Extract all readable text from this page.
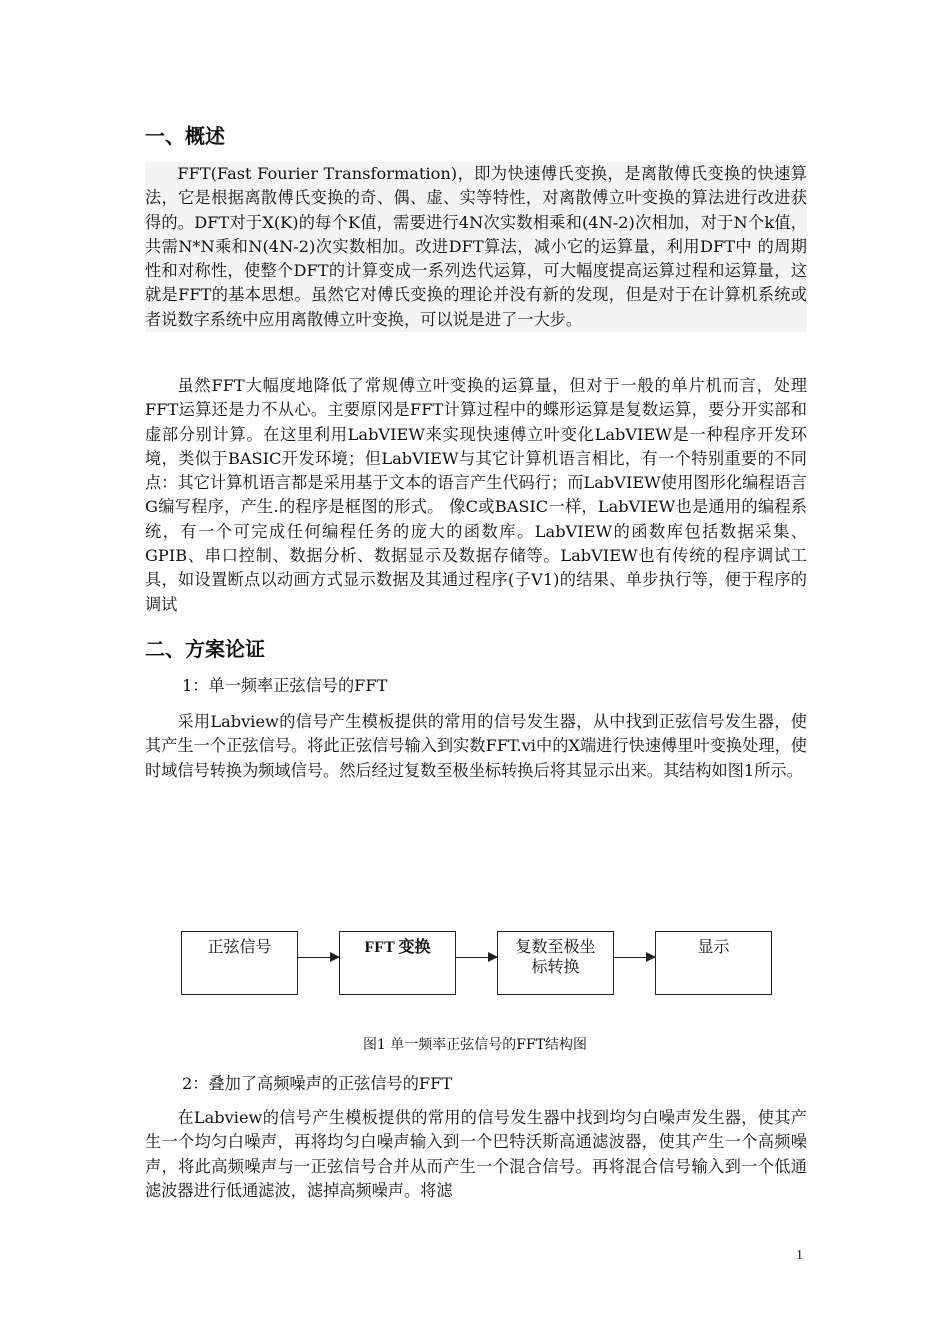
一、概述

FFT(Fast Fourier Transformation)，即为快速傅氏变换，是离散傅氏变换的快速算法，它是根据离散傅氏变换的奇、偶、虚、实等特性，对离散傅立叶变换的算法进行改进获得的。DFT对于X(K)的每个K值，需要进行4N次实数相乘和(4N-2)次相加，对于N个k值，共需N*N乘和N(4N-2)次实数相加。改进DFT算法，减小它的运算量，利用DFT中 的周期性和对称性，使整个DFT的计算变成一系列迭代运算，可大幅度提高运算过程和运算量，这就是FFT的基本思想。虽然它对傅氏变换的理论并没有新的发现，但是对于在计算机系统或者说数字系统中应用离散傅立叶变换，可以说是进了一大步。

虽然FFT大幅度地降低了常规傅立叶变换的运算量，但对于一般的单片机而言，处理FFT运算还是力不从心。主要原冈是FFT计算过程中的蝶形运算是复数运算，要分开实部和虚部分别计算。在这里利用LabVIEW来实现快速傅立叶变化LabVIEW是一种程序开发环境，类似于BASIC开发环境；但LabVIEW与其它计算机语言相比，有一个特别重要的不同点：其它计算机语言都是采用基于文本的语言产生代码行；而LabVIEW使用图形化编程语言G编写程序，产生.的程序是框图的形式。 像C或BASIC一样，LabVIEW也是通用的编程系统，有一个可完成任何编程任务的庞大的函数库。LabVIEW的函数库包括数据采集、GPIB、串口控制、数据分析、数据显示及数据存储等。LabVIEW也有传统的程序调试工具，如设置断点以动画方式显示数据及其通过程序(子V1)的结果、单步执行等，便于程序的调试

二、方案论证

1：单一频率正弦信号的FFT

采用Labview的信号产生模板提供的常用的信号发生器，从中找到正弦信号发生器，使其产生一个正弦信号。将此正弦信号输入到实数FFT.vi中的X端进行快速傅里叶变换处理，使时域信号转换为频域信号。然后经过复数至极坐标转换后将其显示出来。其结构如图1所示。

2：叠加了高频噪声的正弦信号的FFT

在Labview的信号产生模板提供的常用的信号发生器中找到均匀白噪声发生器，使其产生一个均匀白噪声，再将均匀白噪声输入到一个巴特沃斯高通滤波器，使其产生一个高频噪声，将此高频噪声与一正弦信号合并从而产生一个混合信号。再将混合信号输入到一个低通滤波器进行低通滤波，滤掉高频噪声。将滤

正弦信号	FFT 变换	复数至极坐
标转换
显示
图1 单一频率正弦信号的FFT结构图
1
